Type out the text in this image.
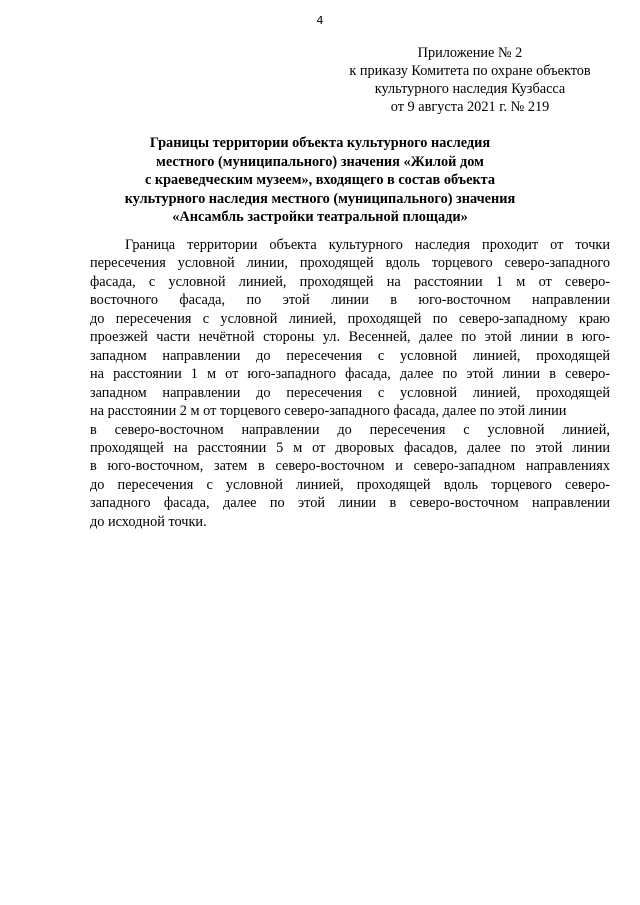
4
Приложение № 2
к приказу Комитета по охране объектов
культурного наследия Кузбасса
от 9 августа 2021 г. № 219
Границы территории объекта культурного наследия
местного (муниципального) значения «Жилой дом
с краеведческим музеем», входящего в состав объекта
культурного наследия местного (муниципального) значения
«Ансамбль застройки театральной площади»
Граница территории объекта культурного наследия проходит от точки
пересечения условной линии, проходящей вдоль торцевого северо-западного
фасада, с условной линией, проходящей на расстоянии 1 м от северо-
восточного фасада, по этой линии в юго-восточном направлении
до пересечения с условной линией, проходящей по северо-западному краю
проезжей части нечётной стороны ул. Весенней, далее по этой линии в юго-
западном направлении до пересечения с условной линией, проходящей
на расстоянии 1 м от юго-западного фасада, далее по этой линии в северо-
западном направлении до пересечения с условной линией, проходящей
на расстоянии 2 м от торцевого северо-западного фасада, далее по этой линии
в северо-восточном направлении до пересечения с условной линией,
проходящей на расстоянии 5 м от дворовых фасадов, далее по этой линии
в юго-восточном, затем в северо-восточном и северо-западном направлениях
до пересечения с условной линией, проходящей вдоль торцевого северо-
западного фасада, далее по этой линии в северо-восточном направлении
до исходной точки.
